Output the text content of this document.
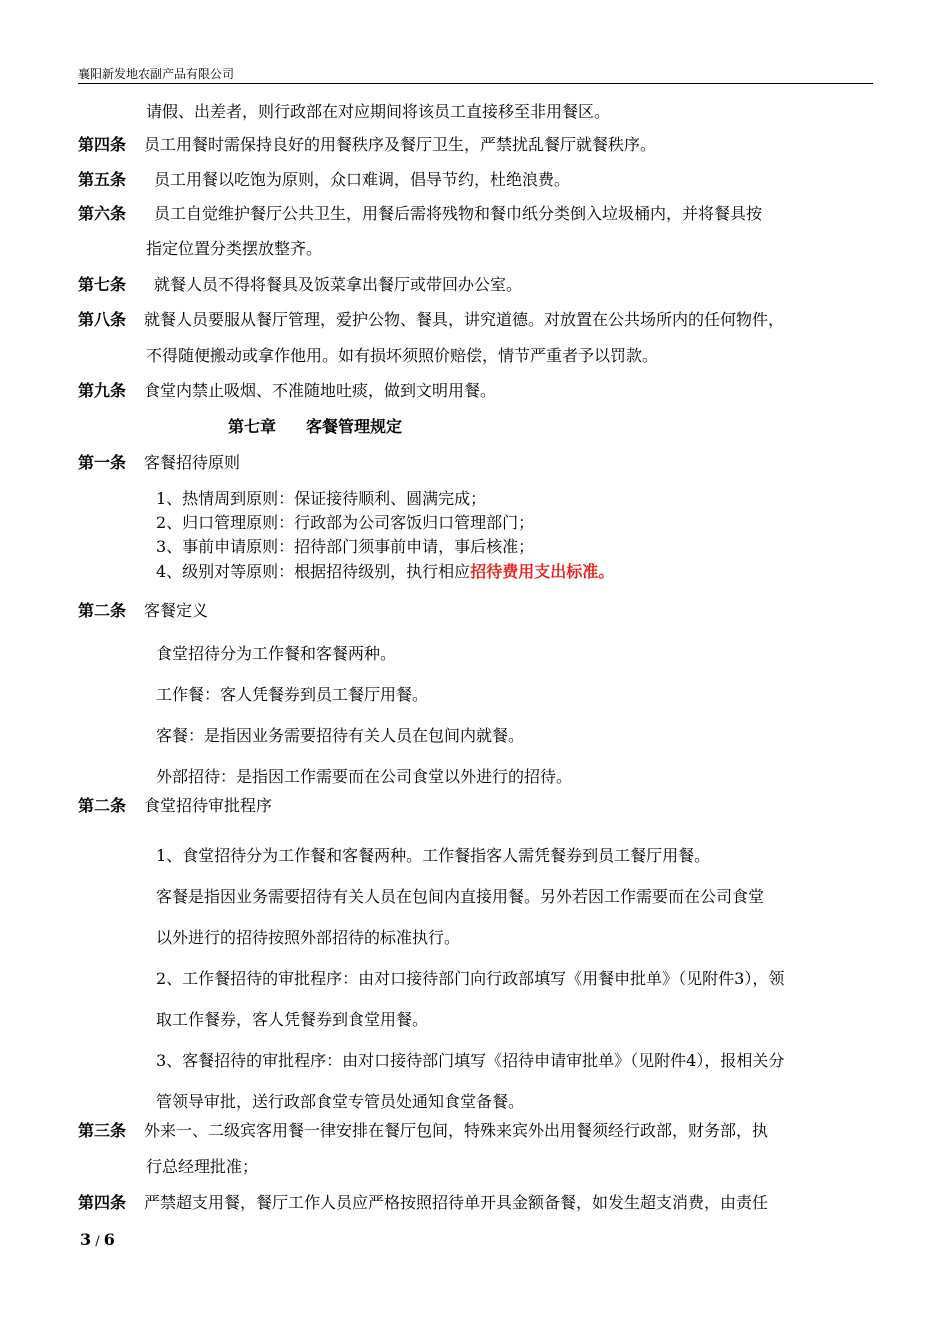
襄阳新发地农副产品有限公司
请假、出差者，则行政部在对应期间将该员工直接移至非用餐区。
第四条 员工用餐时需保持良好的用餐秩序及餐厅卫生，严禁扰乱餐厅就餐秩序。
第五条 员工用餐以吃饱为原则，众口难调，倡导节约，杜绝浪费。
第六条 员工自觉维护餐厅公共卫生，用餐后需将残物和餐巾纸分类倒入垃圾桶内，并将餐具按
指定位置分类摆放整齐。
第七条 就餐人员不得将餐具及饭菜拿出餐厅或带回办公室。
第八条 就餐人员要服从餐厅管理，爱护公物、餐具，讲究道德。对放置在公共场所内的任何物件，
不得随便搬动或拿作他用。如有损坏须照价赔偿，情节严重者予以罚款。
第九条 食堂内禁止吸烟、不准随地吐痰，做到文明用餐。
第七章 客餐管理规定
第一条 客餐招待原则
1、热情周到原则：保证接待顺利、圆满完成；
2、归口管理原则：行政部为公司客饭归口管理部门；
3、事前申请原则：招待部门须事前申请，事后核准；
4、级别对等原则：根据招待级别，执行相应招待费用支出标准。
第二条 客餐定义
食堂招待分为工作餐和客餐两种。
工作餐：客人凭餐券到员工餐厅用餐。
客餐：是指因业务需要招待有关人员在包间内就餐。
外部招待：是指因工作需要而在公司食堂以外进行的招待。
第二条 食堂招待审批程序
1、食堂招待分为工作餐和客餐两种。工作餐指客人需凭餐券到员工餐厅用餐。
客餐是指因业务需要招待有关人员在包间内直接用餐。另外若因工作需要而在公司食堂
以外进行的招待按照外部招待的标准执行。
2、工作餐招待的审批程序：由对口接待部门向行政部填写《用餐申批单》（见附件3），领
取工作餐券，客人凭餐券到食堂用餐。
3、客餐招待的审批程序：由对口接待部门填写《招待申请审批单》（见附件4），报相关分
管领导审批，送行政部食堂专管员处通知食堂备餐。
第三条 外来一、二级宾客用餐一律安排在餐厅包间，特殊来宾外出用餐须经行政部，财务部，执
行总经理批准；
第四条 严禁超支用餐，餐厅工作人员应严格按照招待单开具金额备餐，如发生超支消费，由责任
3 / 6
